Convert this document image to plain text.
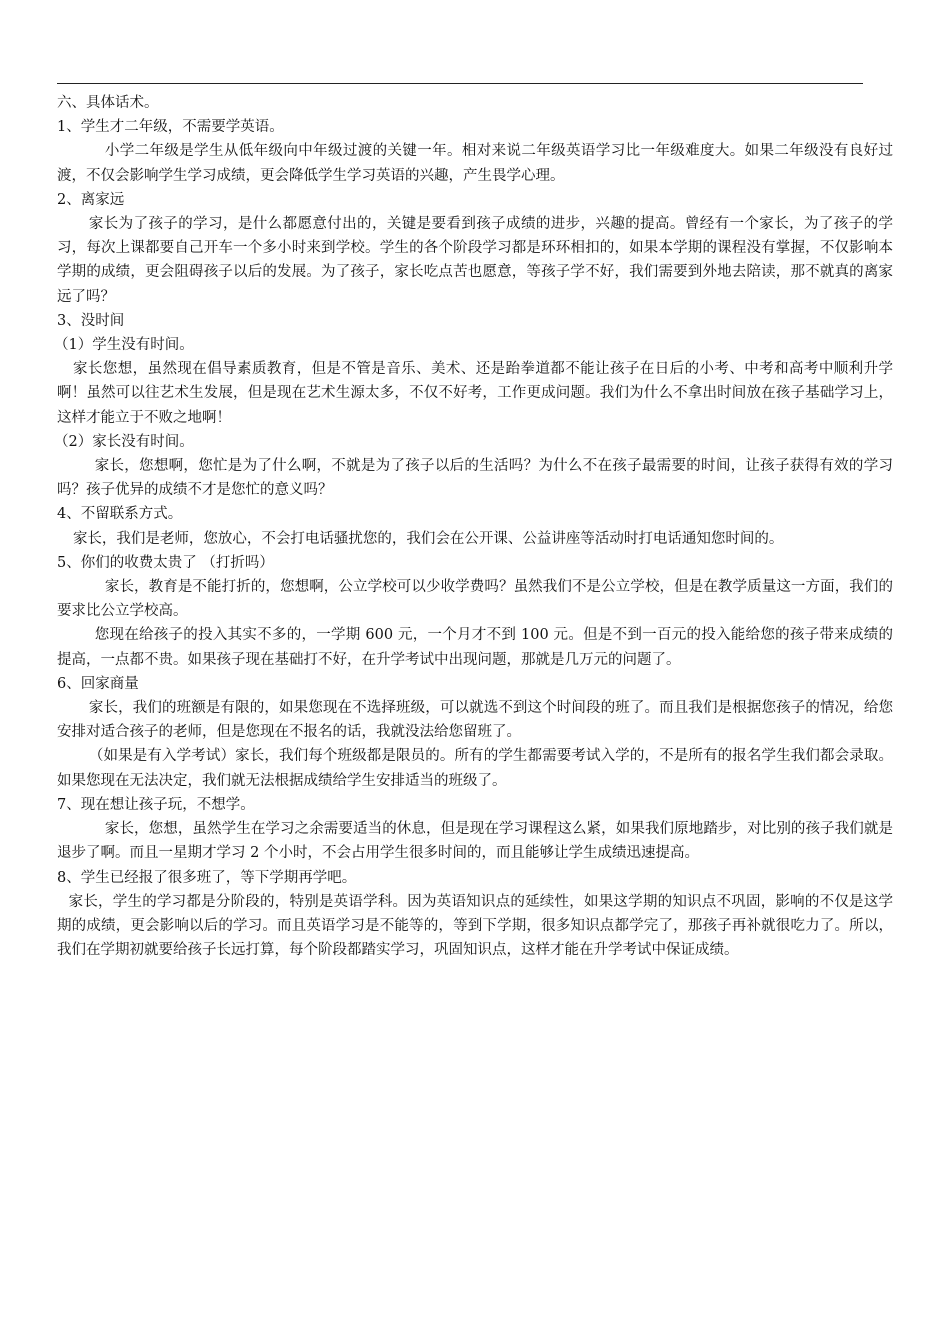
六、具体话术。

1、学生才二年级，不需要学英语。

小学二年级是学生从低年级向中年级过渡的关键一年。相对来说二年级英语学习比一年级难度大。如果二年级没有良好过渡，不仅会影响学生学习成绩，更会降低学生学习英语的兴趣，产生畏学心理。

2、离家远

家长为了孩子的学习，是什么都愿意付出的，关键是要看到孩子成绩的进步，兴趣的提高。曾经有一个家长，为了孩子的学习，每次上课都要自己开车一个多小时来到学校。学生的各个阶段学习都是环环相扣的，如果本学期的课程没有掌握，不仅影响本学期的成绩，更会阻碍孩子以后的发展。为了孩子，家长吃点苦也愿意，等孩子学不好，我们需要到外地去陪读，那不就真的离家远了吗？

3、没时间

（1）学生没有时间。

家长您想，虽然现在倡导素质教育，但是不管是音乐、美术、还是跆拳道都不能让孩子在日后的小考、中考和高考中顺利升学啊！虽然可以往艺术生发展，但是现在艺术生源太多，不仅不好考，工作更成问题。我们为什么不拿出时间放在孩子基础学习上，这样才能立于不败之地啊！

（2）家长没有时间。

家长，您想啊，您忙是为了什么啊，不就是为了孩子以后的生活吗？为什么不在孩子最需要的时间，让孩子获得有效的学习吗？孩子优异的成绩不才是您忙的意义吗？

4、不留联系方式。

家长，我们是老师，您放心，不会打电话骚扰您的，我们会在公开课、公益讲座等活动时打电话通知您时间的。

5、你们的收费太贵了 （打折吗）

家长，教育是不能打折的，您想啊，公立学校可以少收学费吗？虽然我们不是公立学校，但是在教学质量这一方面，我们的要求比公立学校高。

您现在给孩子的投入其实不多的，一学期 600 元，一个月才不到 100 元。但是不到一百元的投入能给您的孩子带来成绩的提高，一点都不贵。如果孩子现在基础打不好，在升学考试中出现问题，那就是几万元的问题了。

6、回家商量

家长，我们的班额是有限的，如果您现在不选择班级，可以就选不到这个时间段的班了。而且我们是根据您孩子的情况，给您安排对适合孩子的老师，但是您现在不报名的话，我就没法给您留班了。

（如果是有入学考试）家长，我们每个班级都是限员的。所有的学生都需要考试入学的，不是所有的报名学生我们都会录取。如果您现在无法决定，我们就无法根据成绩给学生安排适当的班级了。

7、现在想让孩子玩，不想学。

家长，您想，虽然学生在学习之余需要适当的休息，但是现在学习课程这么紧，如果我们原地踏步，对比别的孩子我们就是退步了啊。而且一星期才学习 2 个小时，不会占用学生很多时间的，而且能够让学生成绩迅速提高。

8、学生已经报了很多班了，等下学期再学吧。

家长，学生的学习都是分阶段的，特别是英语学科。因为英语知识点的延续性，如果这学期的知识点不巩固，影响的不仅是这学期的成绩，更会影响以后的学习。而且英语学习是不能等的，等到下学期，很多知识点都学完了，那孩子再补就很吃力了。所以，我们在学期初就要给孩子长远打算，每个阶段都踏实学习，巩固知识点，这样才能在升学考试中保证成绩。
